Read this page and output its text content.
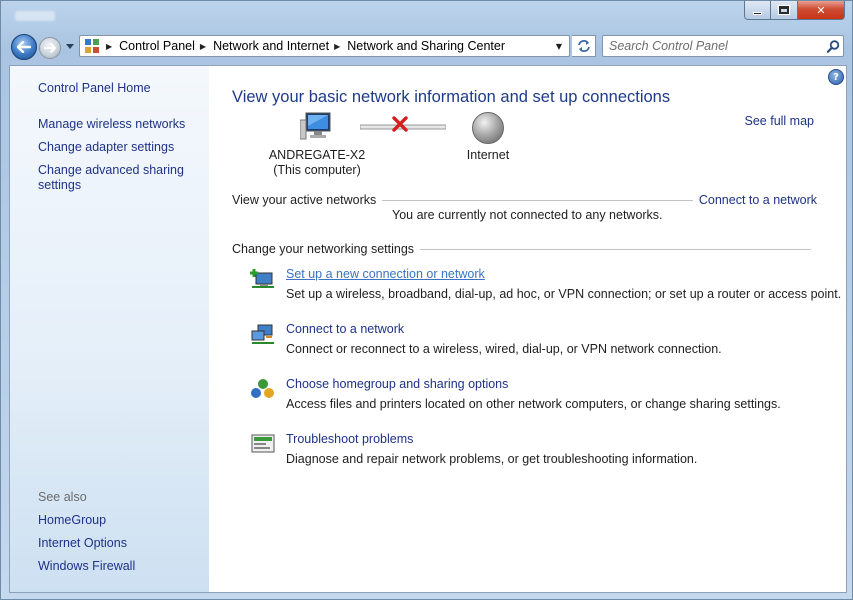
✕
▶ Control Panel ▶ Network and Internet ▶ Network and Sharing Center	▼
Search Control Panel
Control Panel Home
Manage wireless networks
Change adapter settings
Change advanced sharing settings
See also
HomeGroup
Internet Options
Windows Firewall
?
View your basic network information and set up connections
See full map
ANDREGATE-X2
(This computer)
Internet
View your active networks	Connect to a network
You are currently not connected to any networks.
Change your networking settings
Set up a new connection or network
Set up a wireless, broadband, dial-up, ad hoc, or VPN connection; or set up a router or access point.
Connect to a network
Connect or reconnect to a wireless, wired, dial-up, or VPN network connection.
Choose homegroup and sharing options
Access files and printers located on other network computers, or change sharing settings.
Troubleshoot problems
Diagnose and repair network problems, or get troubleshooting information.
